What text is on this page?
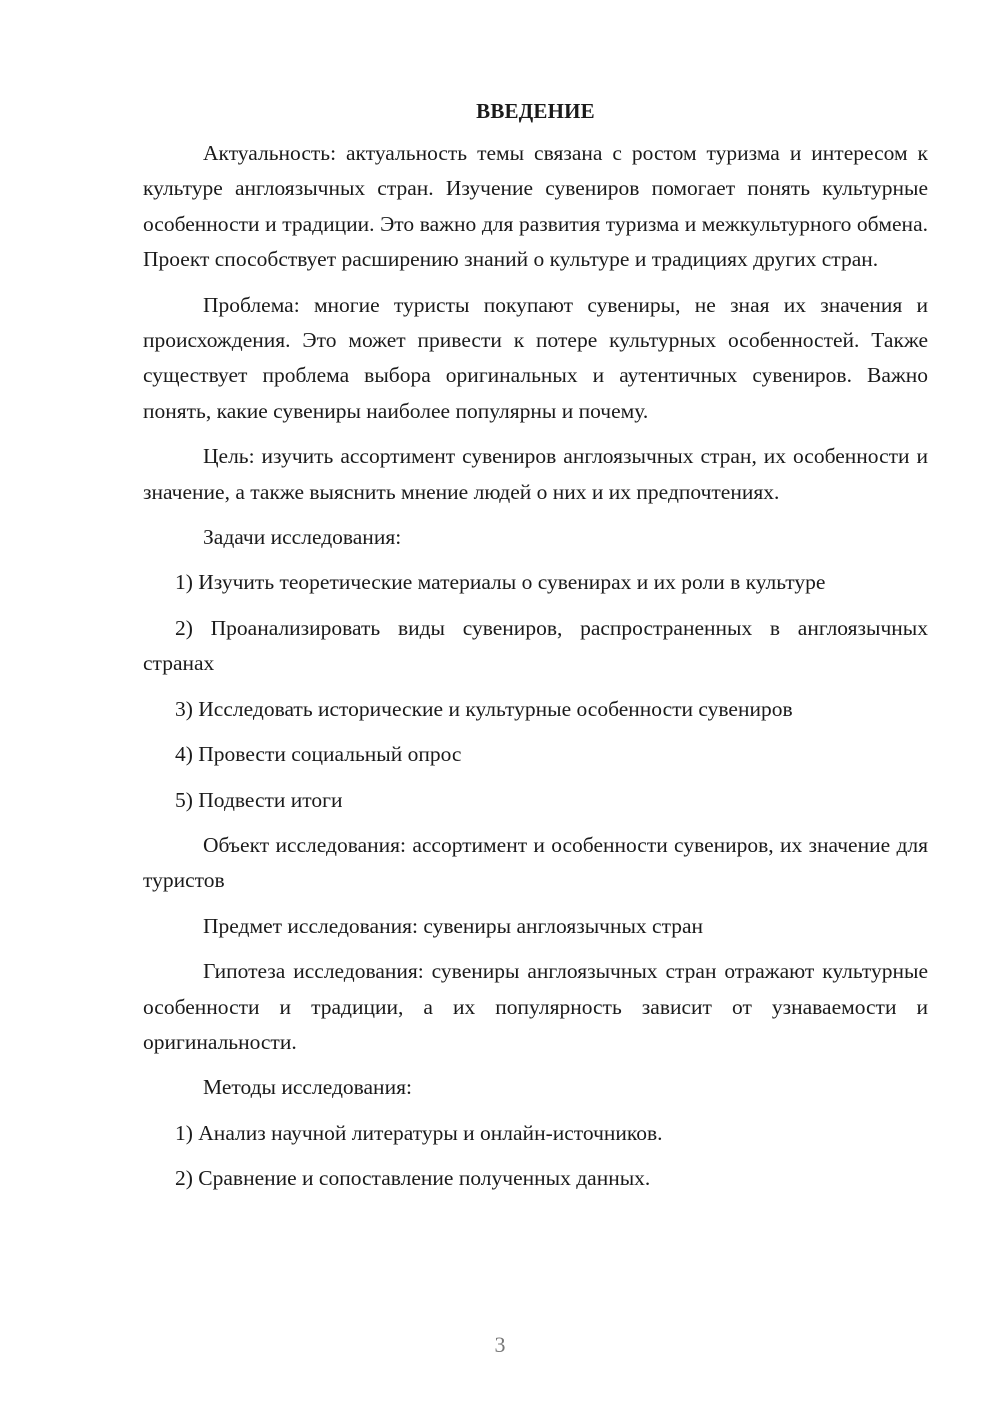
ВВЕДЕНИЕ

Актуальность: актуальность темы связана с ростом туризма и интересом к культуре англоязычных стран. Изучение сувениров помогает понять культурные особенности и традиции. Это важно для развития туризма и межкультурного обмена. Проект способствует расширению знаний о культуре и традициях других стран.

Проблема: многие туристы покупают сувениры, не зная их значения и происхождения. Это может привести к потере культурных особенностей. Также существует проблема выбора оригинальных и аутентичных сувениров. Важно понять, какие сувениры наиболее популярны и почему.

Цель: изучить ассортимент сувениров англоязычных стран, их особенности и значение, а также выяснить мнение людей о них и их предпочтениях.

Задачи исследования:

1) Изучить теоретические материалы о сувенирах и их роли в культуре

2) Проанализировать виды сувениров, распространенных в англоязычных странах

3) Исследовать исторические и культурные особенности сувениров

4) Провести социальный опрос

5) Подвести итоги

Объект исследования: ассортимент и особенности сувениров, их значение для туристов

Предмет исследования: сувениры англоязычных стран

Гипотеза исследования: сувениры англоязычных стран отражают культурные особенности и традиции, а их популярность зависит от узнаваемости и оригинальности.

Методы исследования:

1) Анализ научной литературы и онлайн-источников.

2) Сравнение и сопоставление полученных данных.

3
